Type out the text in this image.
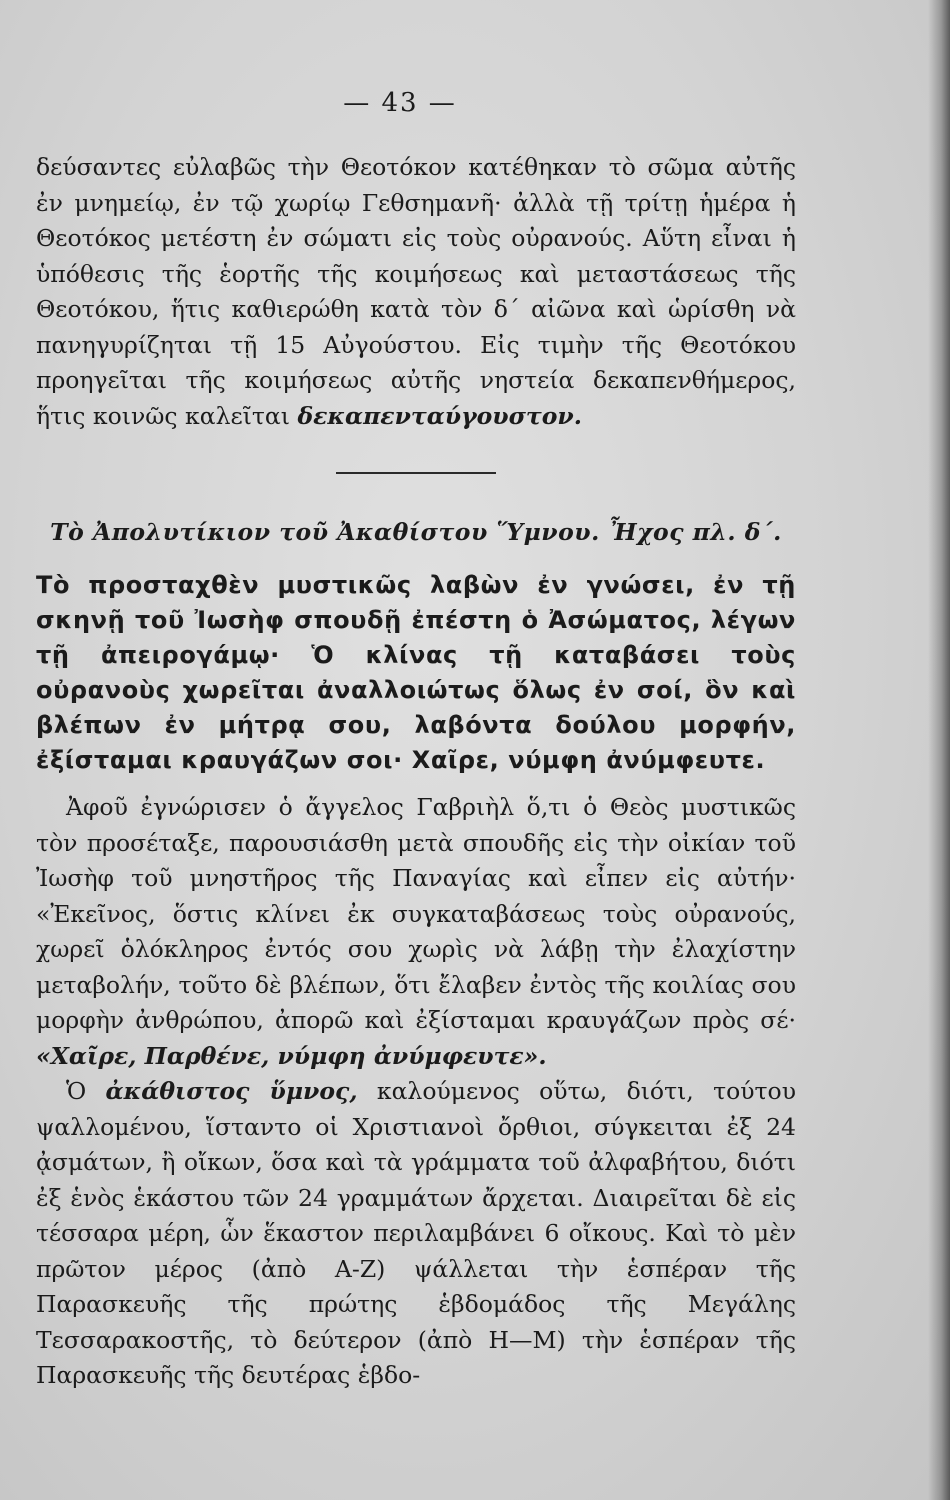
— 43 —

δεύσαντες εὐλαβῶς τὴν Θεοτόκον κατέθηκαν τὸ σῶμα αὐτῆς ἐν μνημείῳ, ἐν τῷ χωρίῳ Γεθσημανῆ· ἀλλὰ τῇ τρίτῃ ἡμέρα ἡ Θεοτόκος μετέστη ἐν σώματι εἰς τοὺς οὐρανούς. Αὕτη εἶναι ἡ ὑπόθεσις τῆς ἑορτῆς τῆς κοιμήσεως καὶ μεταστάσεως τῆς Θεοτόκου, ἥτις καθιερώθη κατὰ τὸν δ΄ αἰῶνα καὶ ὡρίσθη νὰ πανηγυρίζηται τῇ 15 Αὐγούστου. Εἰς τιμὴν τῆς Θεοτόκου προηγεῖται τῆς κοιμήσεως αὐτῆς νηστεία δεκαπενθήμερος, ἥτις κοινῶς καλεῖται δεκαπενταύγουστον.

Τὸ Ἀπολυτίκιον τοῦ Ἀκαθίστου Ὕμνου. Ἦχος πλ. δ΄.

Τὸ προσταχθὲν μυστικῶς λαβὼν ἐν γνώσει, ἐν τῇ σκηνῇ τοῦ Ἰωσὴφ σπουδῇ ἐπέστη ὁ Ἀσώματος, λέγων τῇ ἀπειρογάμῳ· Ὁ κλίνας τῇ καταβάσει τοὺς οὐρανοὺς χωρεῖται ἀναλλοιώτως ὅλως ἐν σοί, ὃν καὶ βλέπων ἐν μήτρᾳ σου, λαβόντα δούλου μορφήν, ἐξίσταμαι κραυγάζων σοι· Χαῖρε, νύμφη ἀνύμφευτε.

Ἀφοῦ ἐγνώρισεν ὁ ἄγγελος Γαβριὴλ ὅ,τι ὁ Θεὸς μυστικῶς τὸν προσέταξε, παρουσιάσθη μετὰ σπουδῆς εἰς τὴν οἰκίαν τοῦ Ἰωσὴφ τοῦ μνηστῆρος τῆς Παναγίας καὶ εἶπεν εἰς αὐτήν· «Ἐκεῖνος, ὅστις κλίνει ἐκ συγκαταβάσεως τοὺς οὐρανούς, χωρεῖ ὁλόκληρος ἐντός σου χωρὶς νὰ λάβῃ τὴν ἐλαχίστην μεταβολήν, τοῦτο δὲ βλέπων, ὅτι ἔλαβεν ἐντὸς τῆς κοιλίας σου μορφὴν ἀνθρώπου, ἀπορῶ καὶ ἐξίσταμαι κραυγάζων πρὸς σέ· «Χαῖρε, Παρθένε, νύμφη ἀνύμφευτε».

Ὁ ἀκάθιστος ὕμνος, καλούμενος οὕτω, διότι, τούτου ψαλλομένου, ἵσταντο οἱ Χριστιανοὶ ὄρθιοι, σύγκειται ἐξ 24 ᾀσμάτων, ἢ οἴκων, ὅσα καὶ τὰ γράμματα τοῦ ἀλφαβήτου, διότι ἐξ ἑνὸς ἑκάστου τῶν 24 γραμμάτων ἄρχεται. Διαιρεῖται δὲ εἰς τέσσαρα μέρη, ὧν ἕκαστον περιλαμβάνει 6 οἴκους. Καὶ τὸ μὲν πρῶτον μέρος (ἀπὸ Α-Ζ) ψάλλεται τὴν ἑσπέραν τῆς Παρασκευῆς τῆς πρώτης ἑβδομάδος τῆς Μεγάλης Τεσσαρακοστῆς, τὸ δεύτερον (ἀπὸ Η—Μ) τὴν ἑσπέραν τῆς Παρασκευῆς τῆς δευτέρας ἑβδο-
